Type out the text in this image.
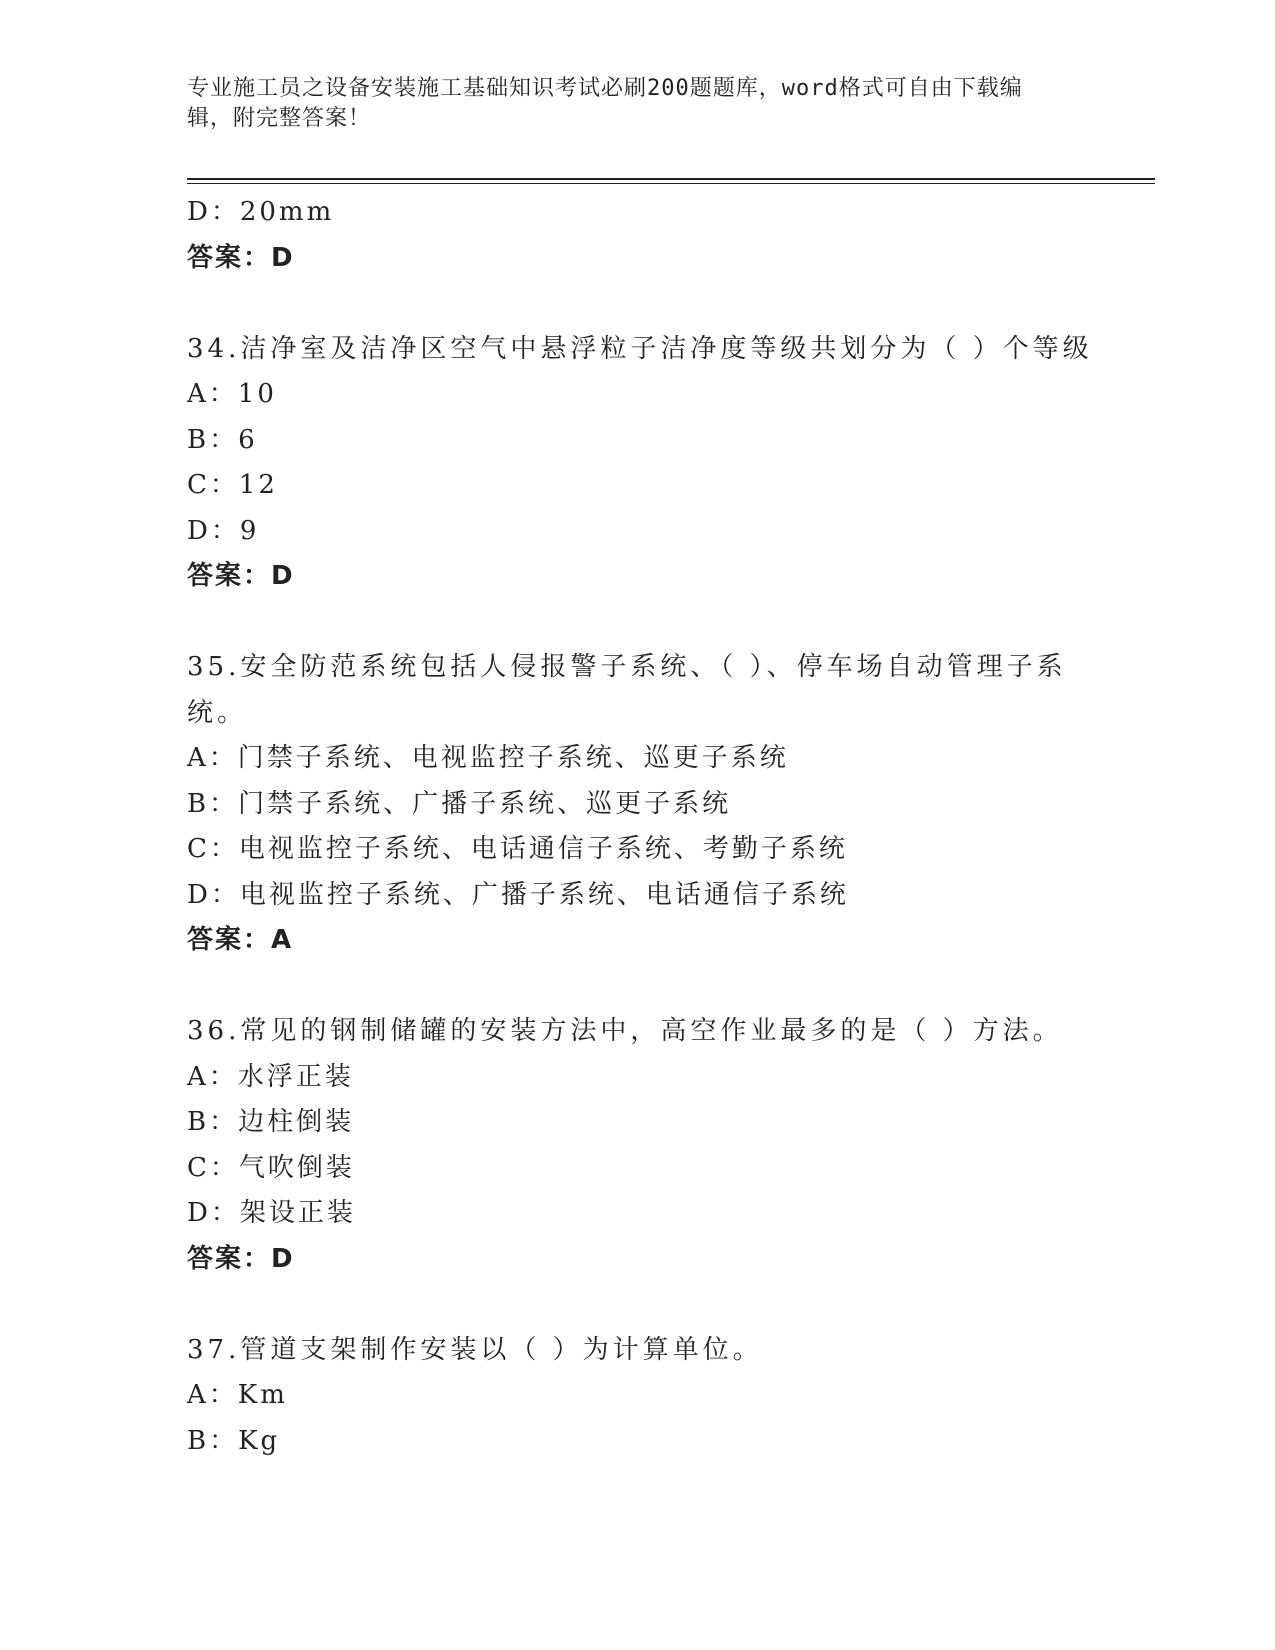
专业施工员之设备安装施工基础知识考试必刷200题题库，word格式可自由下载编辑，附完整答案！
D：20mm
答案：D
34.洁净室及洁净区空气中悬浮粒子洁净度等级共划分为（ ）个等级
A：10
B：6
C：12
D：9
答案：D
35.安全防范系统包括人侵报警子系统、（ ）、停车场自动管理子系
统。
A：门禁子系统、电视监控子系统、巡更子系统
B：门禁子系统、广播子系统、巡更子系统
C：电视监控子系统、电话通信子系统、考勤子系统
D：电视监控子系统、广播子系统、电话通信子系统
答案：A
36.常见的钢制储罐的安装方法中，高空作业最多的是（ ）方法。
A：水浮正装
B：边柱倒装
C：气吹倒装
D：架设正装
答案：D
37.管道支架制作安装以（ ）为计算单位。
A：Km
B：Kg
